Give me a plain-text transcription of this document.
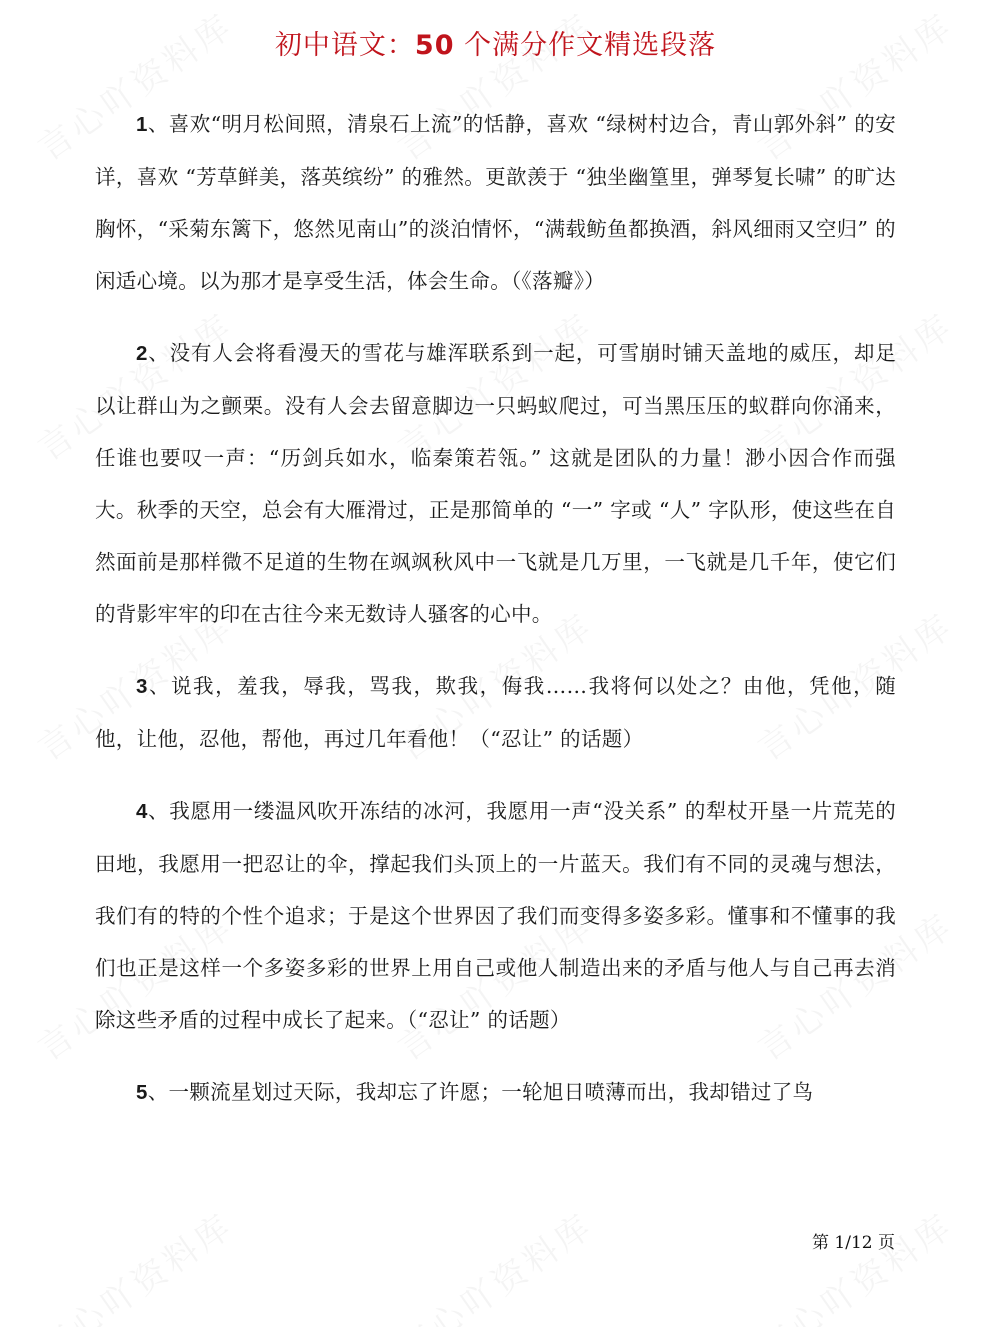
初中语文：50 个满分作文精选段落

1、喜欢“明月松间照，清泉石上流”的恬静，喜欢 “绿树村边合，青山郭外斜” 的安详，喜欢 “芳草鲜美，落英缤纷” 的雅然。更歆羡于 “独坐幽篁里，弹琴复长啸” 的旷达胸怀，“采菊东篱下，悠然见南山”的淡泊情怀，“满载鲂鱼都换酒，斜风细雨又空归” 的闲适心境。以为那才是享受生活，体会生命。（《落瓣》）

2、没有人会将看漫天的雪花与雄浑联系到一起，可雪崩时铺天盖地的威压，却足以让群山为之颤栗。没有人会去留意脚边一只蚂蚁爬过，可当黑压压的蚁群向你涌来，任谁也要叹一声：“历剑兵如水，临秦策若瓴。” 这就是团队的力量！渺小因合作而强大。秋季的天空，总会有大雁滑过，正是那简单的 “一” 字或 “人” 字队形，使这些在自然面前是那样微不足道的生物在飒飒秋风中一飞就是几万里，一飞就是几千年，使它们的背影牢牢的印在古往今来无数诗人骚客的心中。

3、说我，羞我，辱我，骂我，欺我，侮我……我将何以处之？由他，凭他，随他，让他，忍他，帮他，再过几年看他！（“忍让” 的话题）

4、我愿用一缕温风吹开冻结的冰河，我愿用一声“没关系” 的犁杖开垦一片荒芜的田地，我愿用一把忍让的伞，撑起我们头顶上的一片蓝天。我们有不同的灵魂与想法，我们有的特的个性个追求；于是这个世界因了我们而变得多姿多彩。懂事和不懂事的我们也正是这样一个多姿多彩的世界上用自己或他人制造出来的矛盾与他人与自己再去消除这些矛盾的过程中成长了起来。（“忍让” 的话题）

5、一颗流星划过天际，我却忘了许愿；一轮旭日喷薄而出，我却错过了鸟

第 1/12 页
